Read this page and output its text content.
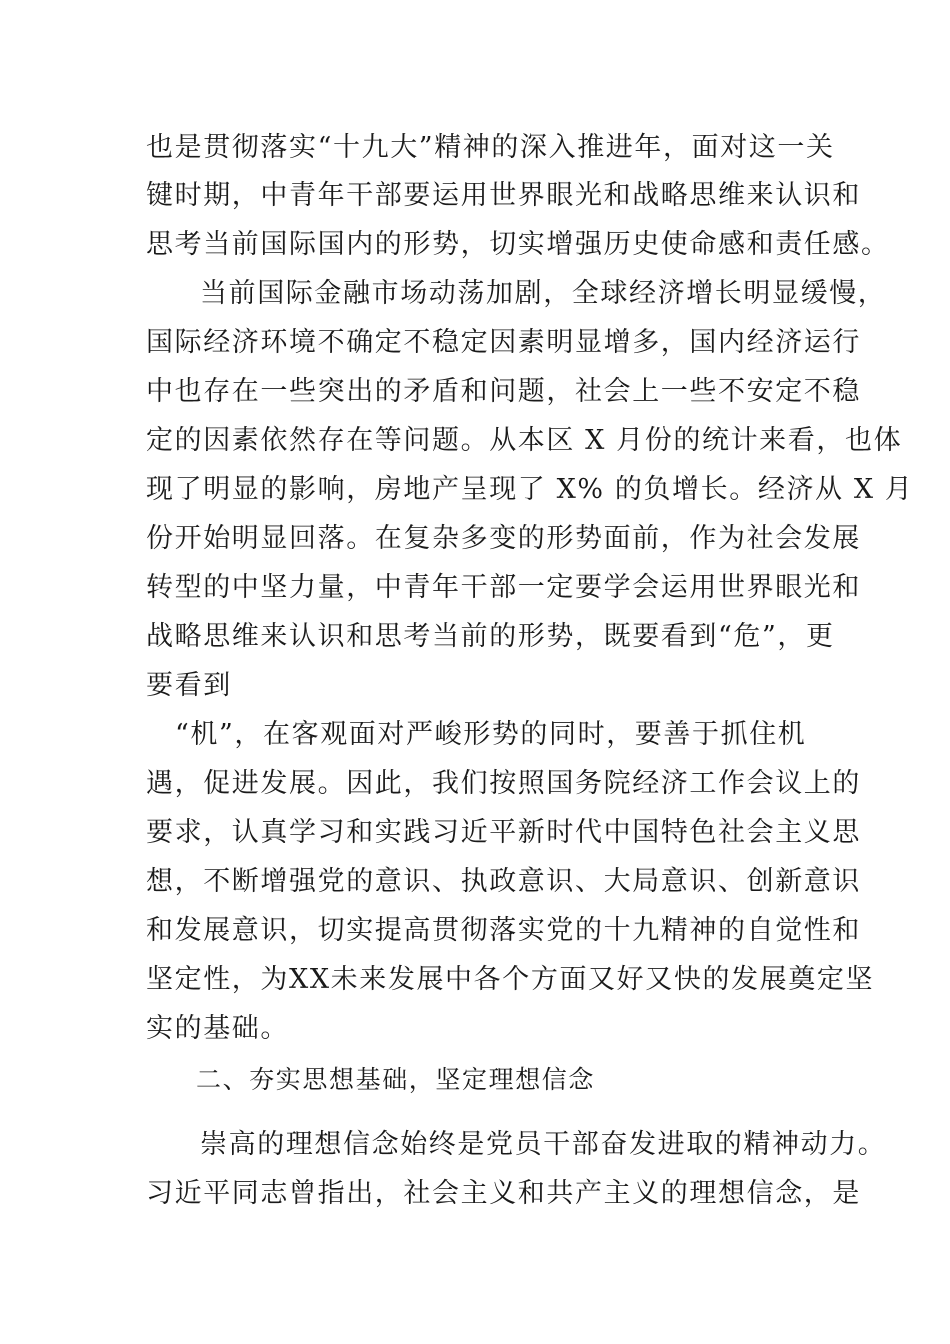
也是贯彻落实“十九大”精神的深入推进年，面对这一关

键时期，中青年干部要运用世界眼光和战略思维来认识和

思考当前国际国内的形势，切实增强历史使命感和责任感。

当前国际金融市场动荡加剧，全球经济增长明显缓慢，

国际经济环境不确定不稳定因素明显增多，国内经济运行

中也存在一些突出的矛盾和问题，社会上一些不安定不稳

定的因素依然存在等问题。从本区 X 月份的统计来看，也体

现了明显的影响，房地产呈现了 X% 的负增长。经济从 X 月

份开始明显回落。在复杂多变的形势面前，作为社会发展

转型的中坚力量，中青年干部一定要学会运用世界眼光和

战略思维来认识和思考当前的形势，既要看到“危”，更

要看到

“机”，在客观面对严峻形势的同时，要善于抓住机

遇，促进发展。因此，我们按照国务院经济工作会议上的

要求，认真学习和实践习近平新时代中国特色社会主义思

想，不断增强党的意识、执政意识、大局意识、创新意识

和发展意识，切实提高贯彻落实党的十九精神的自觉性和

坚定性，为XX未来发展中各个方面又好又快的发展奠定坚

实的基础。

二、夯实思想基础，坚定理想信念

崇高的理想信念始终是党员干部奋发进取的精神动力。

习近平同志曾指出，社会主义和共产主义的理想信念，是
